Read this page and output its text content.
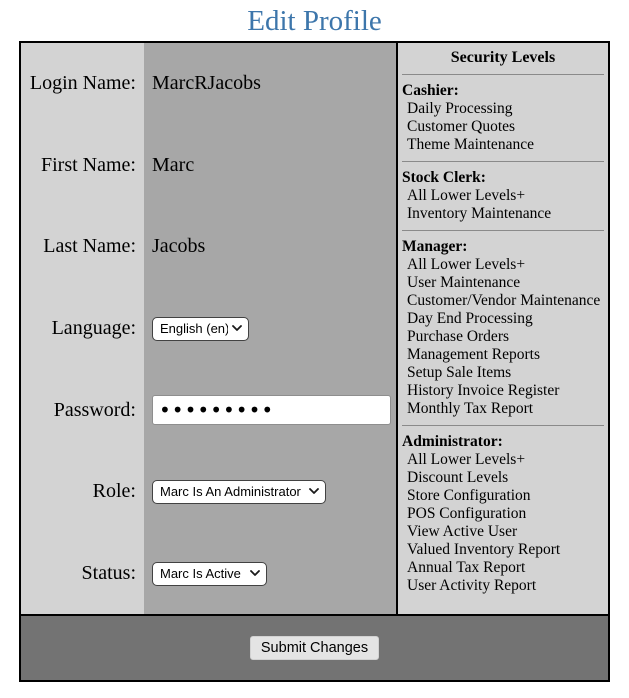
Edit Profile
Login Name: MarcRJacobs
First Name: Marc
Last Name: Jacobs
Language:
English (en)
Password:
•••••••••
Role:
Marc Is An Administrator
Status:
Marc Is Active
Security Levels
Cashier:
Daily Processing
Customer Quotes
Theme Maintenance
Stock Clerk:
All Lower Levels+
Inventory Maintenance
Manager:
All Lower Levels+
User Maintenance
Customer/Vendor Maintenance
Day End Processing
Purchase Orders
Management Reports
Setup Sale Items
History Invoice Register
Monthly Tax Report
Administrator:
All Lower Levels+
Discount Levels
Store Configuration
POS Configuration
View Active User
Valued Inventory Report
Annual Tax Report
User Activity Report
Submit Changes
